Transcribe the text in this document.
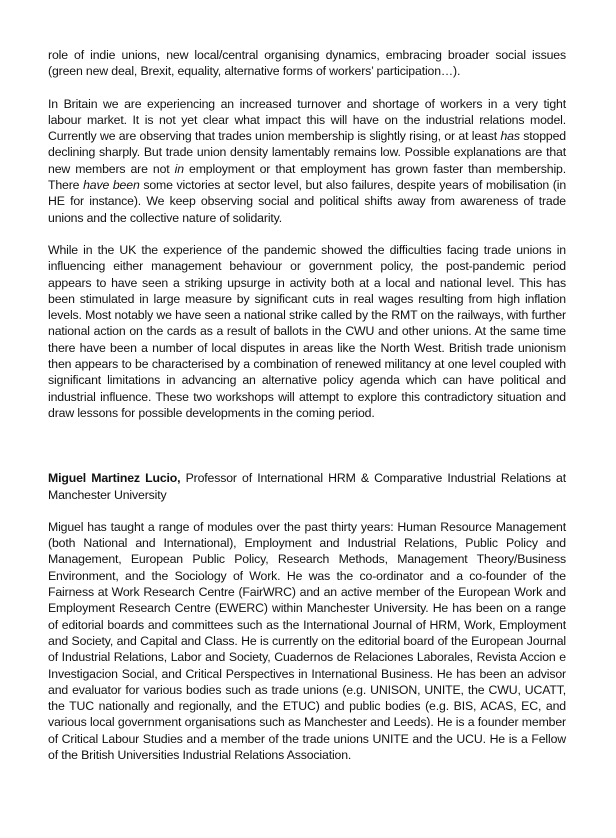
role of indie unions, new local/central organising dynamics, embracing broader social issues (green new deal, Brexit, equality, alternative forms of workers’ participation…).

In Britain we are experiencing an increased turnover and shortage of workers in a very tight labour market. It is not yet clear what impact this will have on the industrial relations model. Currently we are observing that trades union membership is slightly rising, or at least has stopped declining sharply. But trade union density lamentably remains low. Possible explanations are that new members are not in employment or that employment has grown faster than membership. There have been some victories at sector level, but also failures, despite years of mobilisation (in HE for instance). We keep observing social and political shifts away from awareness of trade unions and the collective nature of solidarity.

While in the UK the experience of the pandemic showed the difficulties facing trade unions in influencing either management behaviour or government policy, the post-pandemic period appears to have seen a striking upsurge in activity both at a local and national level. This has been stimulated in large measure by significant cuts in real wages resulting from high inflation levels. Most notably we have seen a national strike called by the RMT on the railways, with further national action on the cards as a result of ballots in the CWU and other unions. At the same time there have been a number of local disputes in areas like the North West. British trade unionism then appears to be characterised by a combination of renewed militancy at one level coupled with significant limitations in advancing an alternative policy agenda which can have political and industrial influence. These two workshops will attempt to explore this contradictory situation and draw lessons for possible developments in the coming period.

Miguel Martinez Lucio, Professor of International HRM & Comparative Industrial Relations at Manchester University

Miguel has taught a range of modules over the past thirty years: Human Resource Management (both National and International), Employment and Industrial Relations, Public Policy and Management, European Public Policy, Research Methods, Management Theory/Business Environment, and the Sociology of Work. He was the co-ordinator and a co-founder of the Fairness at Work Research Centre (FairWRC) and an active member of the European Work and Employment Research Centre (EWERC) within Manchester University. He has been on a range of editorial boards and committees such as the International Journal of HRM, Work, Employment and Society, and Capital and Class. He is currently on the editorial board of the European Journal of Industrial Relations, Labor and Society, Cuadernos de Relaciones Laborales, Revista Accion e Investigacion Social, and Critical Perspectives in International Business. He has been an advisor and evaluator for various bodies such as trade unions (e.g. UNISON, UNITE, the CWU, UCATT, the TUC nationally and regionally, and the ETUC) and public bodies (e.g. BIS, ACAS, EC, and various local government organisations such as Manchester and Leeds). He is a founder member of Critical Labour Studies and a member of the trade unions UNITE and the UCU. He is a Fellow of the British Universities Industrial Relations Association.
